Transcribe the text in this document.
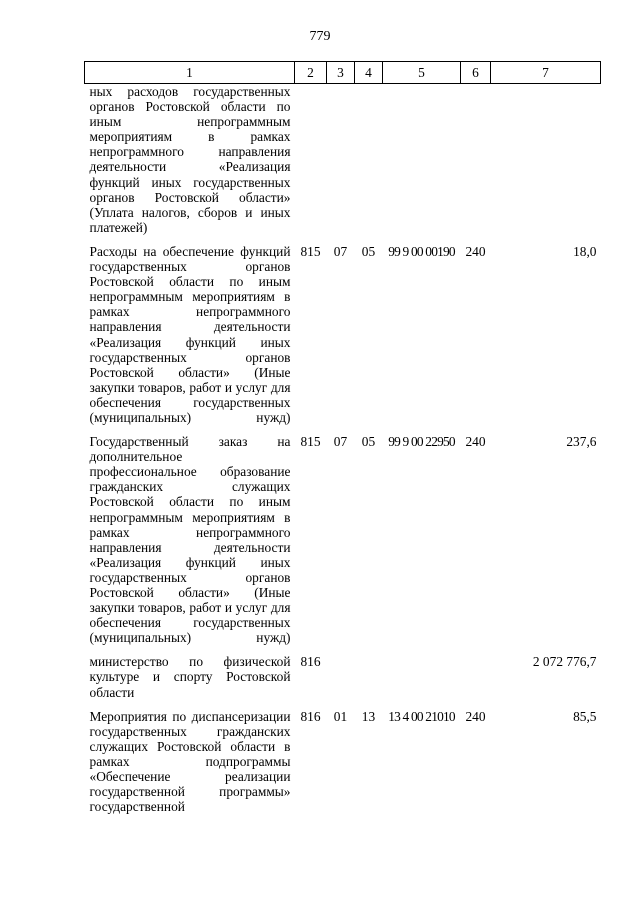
779
1	2	3	4	5	6	7
ных расходов государственных органов Ростовской области по иным непрограммным мероприятиям в рамках непрограммного направления деятельности «Реализация функций иных государственных органов Ростовской области» (Уплата налогов, сборов и иных платежей)						
Расходы на обеспечение функций государственных органов Ростовской области по иным непрограммным мероприятиям в рамках непрограммного направления деятельности «Реализация функций иных государственных органов Ростовской области» (Иные закупки товаров, работ и услуг для обеспечения государственных (муниципальных) нужд)	815	07	05	99 9 00 00190	240	18,0
Государственный заказ на дополнительное профессиональное образование гражданских служащих Ростовской области по иным непрограммным мероприятиям в рамках непрограммного направления деятельности «Реализация функций иных государственных органов Ростовской области» (Иные закупки товаров, работ и услуг для обеспечения государственных (муниципальных) нужд)	815	07	05	99 9 00 22950	240	237,6
министерство по физической культуре и спорту Ростовской области	816					2 072 776,7
Мероприятия по диспансеризации государственных гражданских служащих Ростовской области в рамках подпрограммы «Обеспечение реализации государственной программы» государственной	816	01	13	13 4 00 21010	240	85,5
